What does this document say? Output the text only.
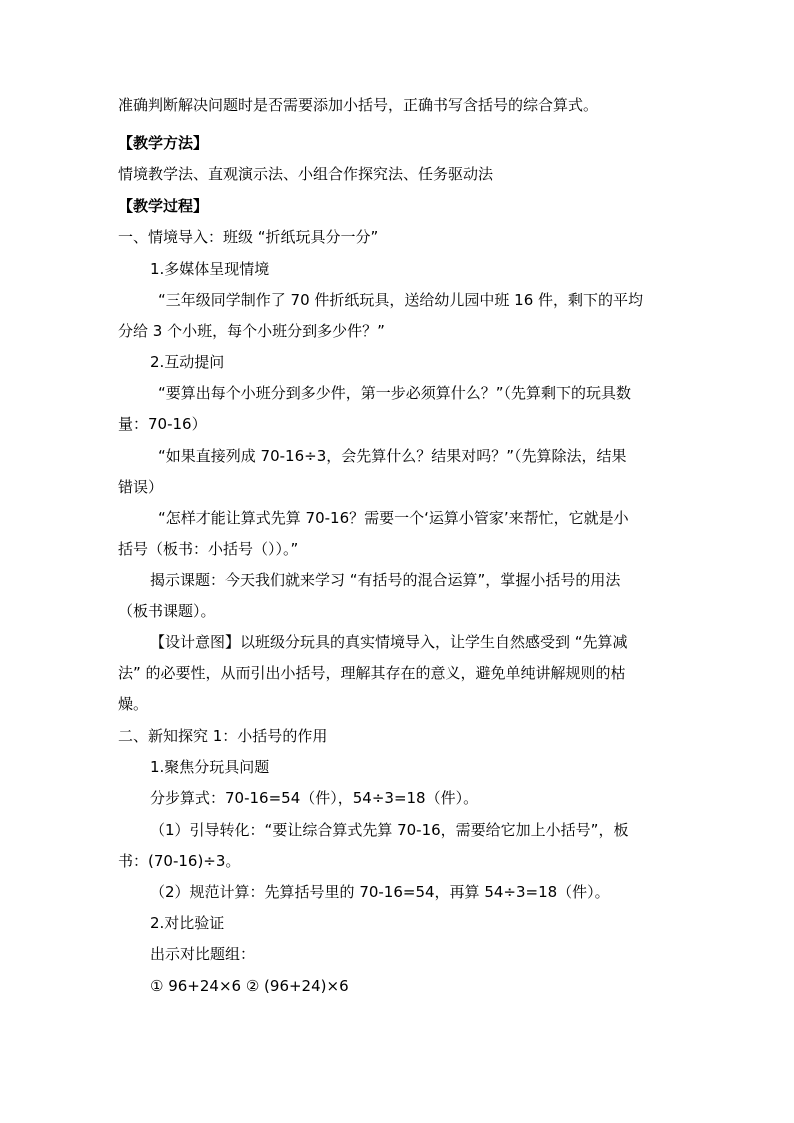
准确判断解决问题时是否需要添加小括号，正确书写含括号的综合算式。
【教学方法】
情境教学法、直观演示法、小组合作探究法、任务驱动法
【教学过程】
一、情境导入：班级 “折纸玩具分一分”
1.多媒体呈现情境
“三年级同学制作了 70 件折纸玩具，送给幼儿园中班 16 件，剩下的平均
分给 3 个小班，每个小班分到多少件？”
2.互动提问
“要算出每个小班分到多少件，第一步必须算什么？”（先算剩下的玩具数
量：70-16）
“如果直接列成 70-16÷3，会先算什么？结果对吗？”（先算除法，结果
错误）
“怎样才能让算式先算 70-16？需要一个‘运算小管家’来帮忙，它就是小
括号（板书：小括号（））。”
揭示课题：今天我们就来学习 “有括号的混合运算”，掌握小括号的用法
（板书课题）。
【设计意图】以班级分玩具的真实情境导入，让学生自然感受到 “先算减
法” 的必要性，从而引出小括号，理解其存在的意义，避免单纯讲解规则的枯
燥。
二、新知探究 1：小括号的作用
1.聚焦分玩具问题
分步算式：70-16=54（件），54÷3=18（件）。
（1）引导转化：“要让综合算式先算 70-16，需要给它加上小括号”，板
书：(70-16)÷3。
（2）规范计算：先算括号里的 70-16=54，再算 54÷3=18（件）。
2.对比验证
出示对比题组：
① 96+24×6 ② (96+24)×6
